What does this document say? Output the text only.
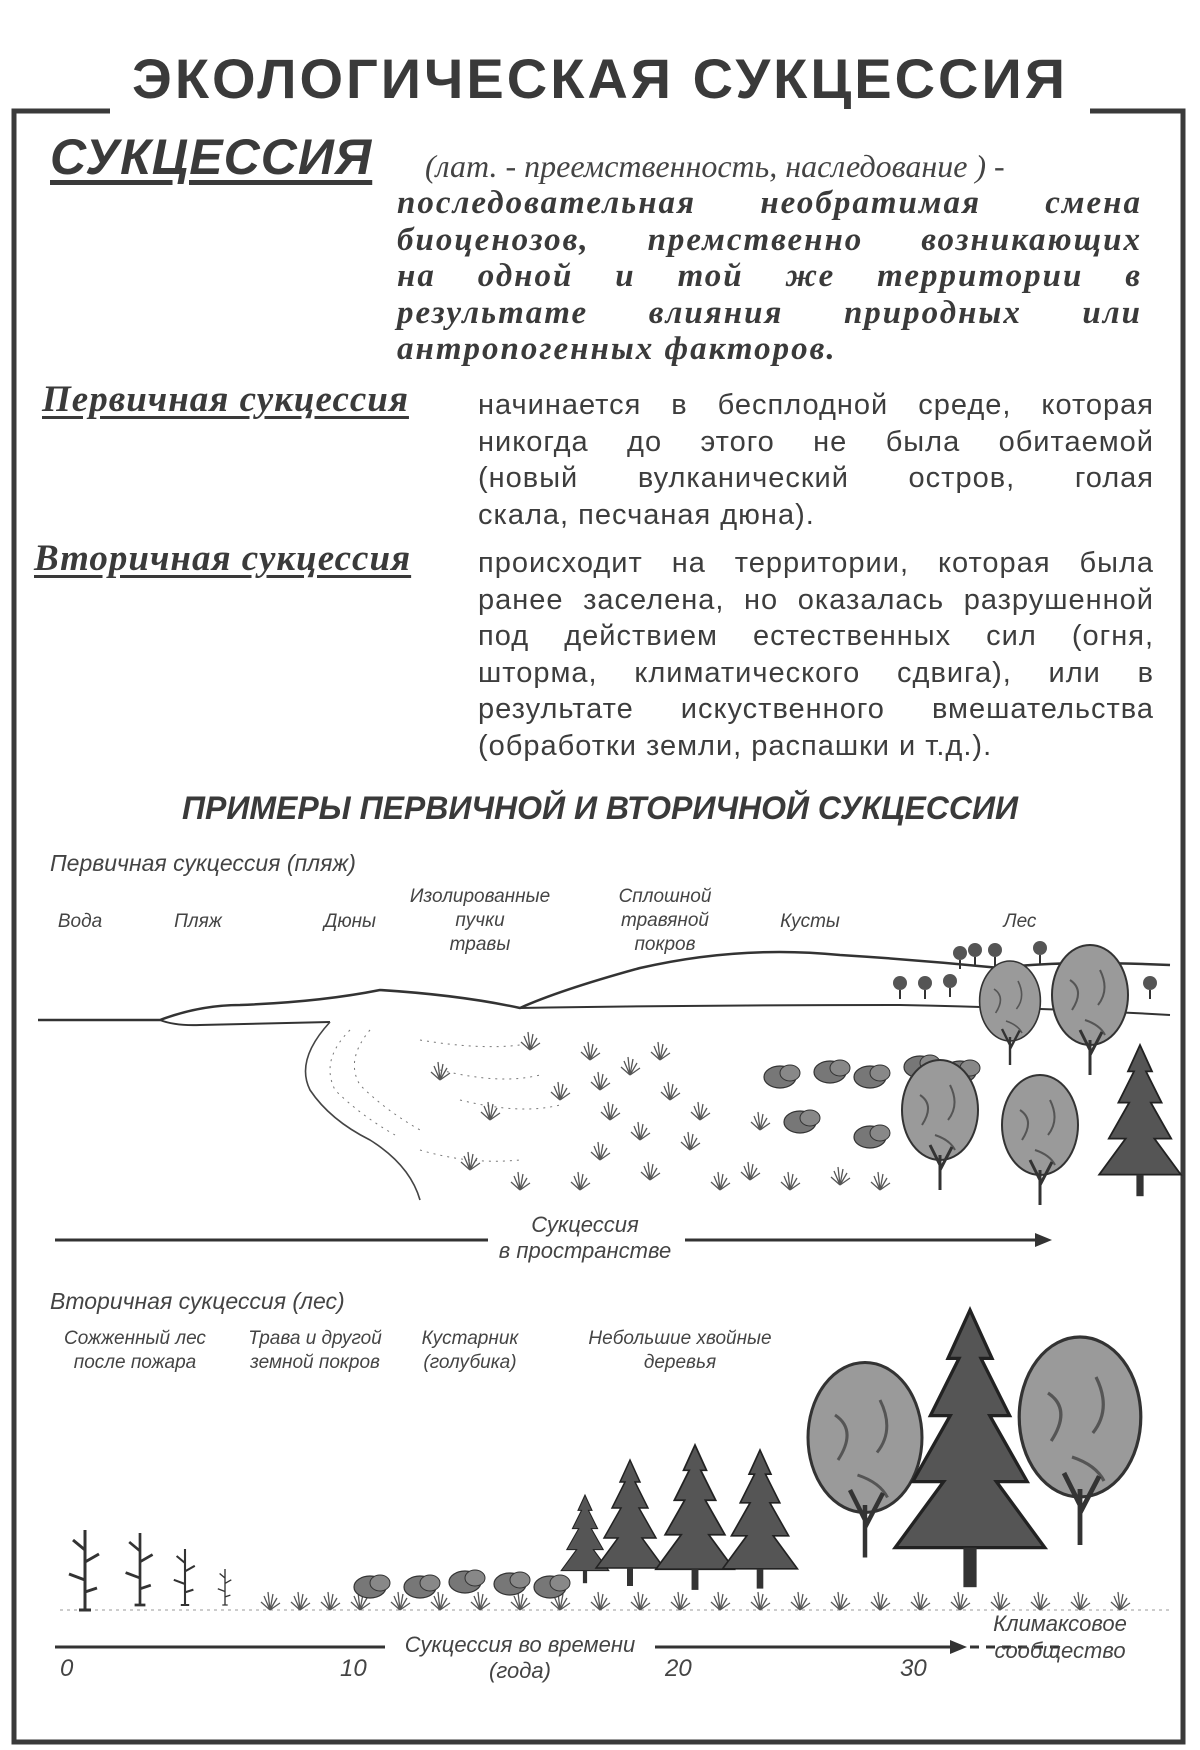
ЭКОЛОГИЧЕСКАЯ СУКЦЕССИЯ
СУКЦЕССИЯ (лат. - преемственность, наследование ) -
последовательная необратимая смена
биоценозов, премственно возникающих
на одной и той же территории в
результате влияния природных или
антропогенных факторов.
Первичная сукцессия начинается в бесплодной среде, которая
никогда до этого не была обитаемой
(новый вулканический остров, голая
скала, песчаная дюна).
Вторичная сукцессия происходит на территории, которая была
ранее заселена, но оказалась разрушенной
под действием естественных сил (огня,
шторма, климатического сдвига), или в
результате искуственного вмешательства
(обработки земли, распашки и т.д.).
ПРИМЕРЫ ПЕРВИЧНОЙ И ВТОРИЧНОЙ СУКЦЕССИИ
Первичная сукцессия (пляж)
Вода	Пляж	Дюны
Изолированные
пучки
травы
Сплошной
травяной
покров
Кусты	Лес
Вторичная сукцессия (лес)
Сожженный лес
после пожара
Трава и другой
земной покров
Кустарник
(голубика)
Небольшие хвойные
деревья
Сукцессия
в пространстве
Сукцессия во времени
(года)
0	10	20	30
Климаксовое
сообщество
